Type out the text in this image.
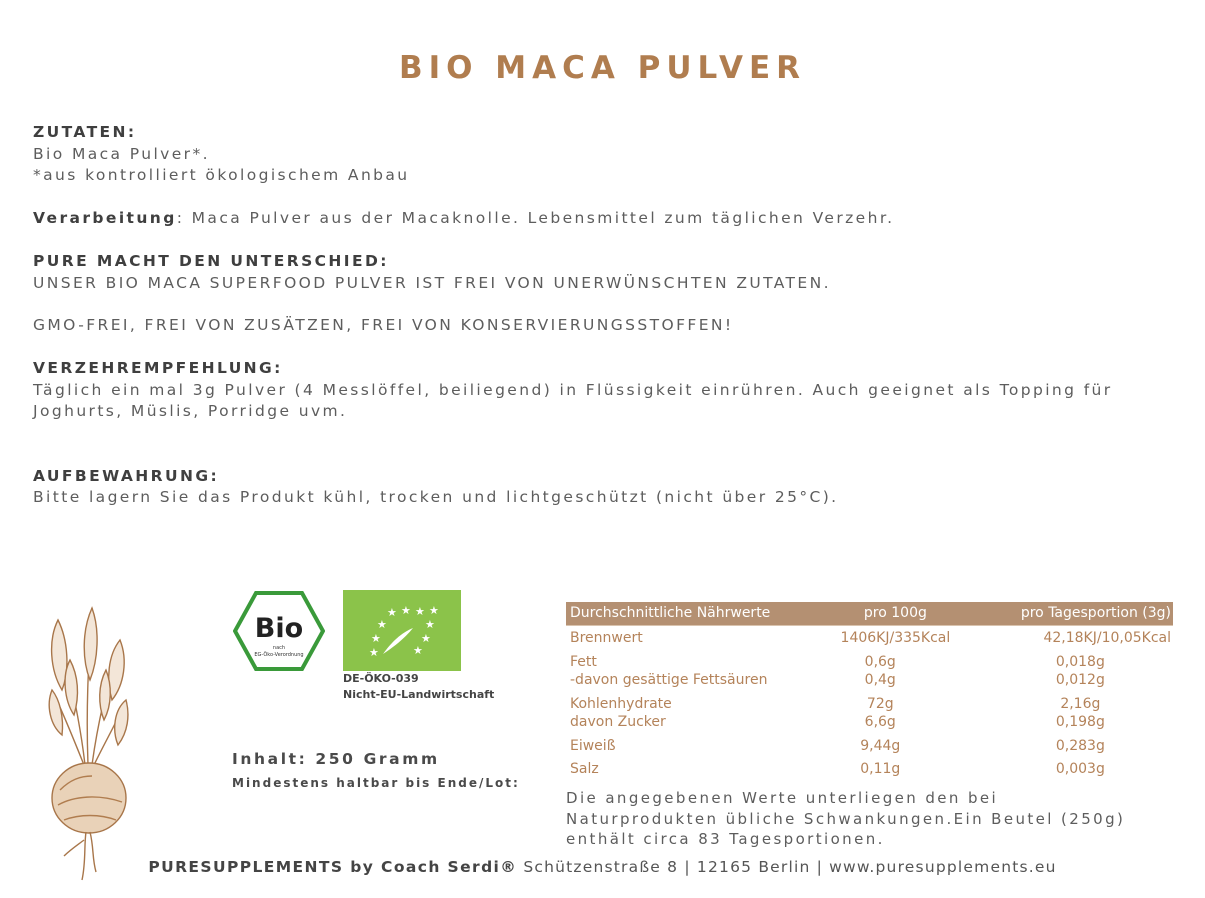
BIO MACA PULVER
ZUTATEN:
Bio Maca Pulver*.
*aus kontrolliert ökologischem Anbau
Verarbeitung: Maca Pulver aus der Macaknolle. Lebensmittel zum täglichen Verzehr.
PURE MACHT DEN UNTERSCHIED:
UNSER BIO MACA SUPERFOOD PULVER IST FREI VON UNERWÜNSCHTEN ZUTATEN.
GMO-FREI, FREI VON ZUSÄTZEN, FREI VON KONSERVIERUNGSSTOFFEN!
VERZEHREMPFEHLUNG:
Täglich ein mal 3g Pulver (4 Messlöffel, beiliegend) in Flüssigkeit einrühren. Auch geeignet als Topping für
Joghurts, Müslis, Porridge uvm.
AUFBEWAHRUNG:
Bitte lagern Sie das Produkt kühl, trocken und lichtgeschützt (nicht über 25°C).
Bio
nach
EG-Öko-Verordnung
★ ★ ★ ★
★	★
★	★
★	★
DE-ÖKO-039
Nicht-EU-Landwirtschaft
Inhalt: 250 Gramm
Mindestens haltbar bis Ende/Lot:
Durchschnittliche Nährwerte	pro 100g	pro Tagesportion (3g)
Brennwert	1406KJ/335Kcal	42,18KJ/10,05Kcal
Fett	0,6g	0,018g
-davon gesättige Fettsäuren	0,4g	0,012g
Kohlenhydrate	72g	2,16g
davon Zucker	6,6g	0,198g
Eiweiß	9,44g	0,283g
Salz	0,11g	0,003g
Die angegebenen Werte unterliegen den bei
Naturprodukten übliche Schwankungen.Ein Beutel (250g)
enthält circa 83 Tagesportionen.
PURESUPPLEMENTS by Coach Serdi® Schützenstraße 8 | 12165 Berlin | www.puresupplements.eu
